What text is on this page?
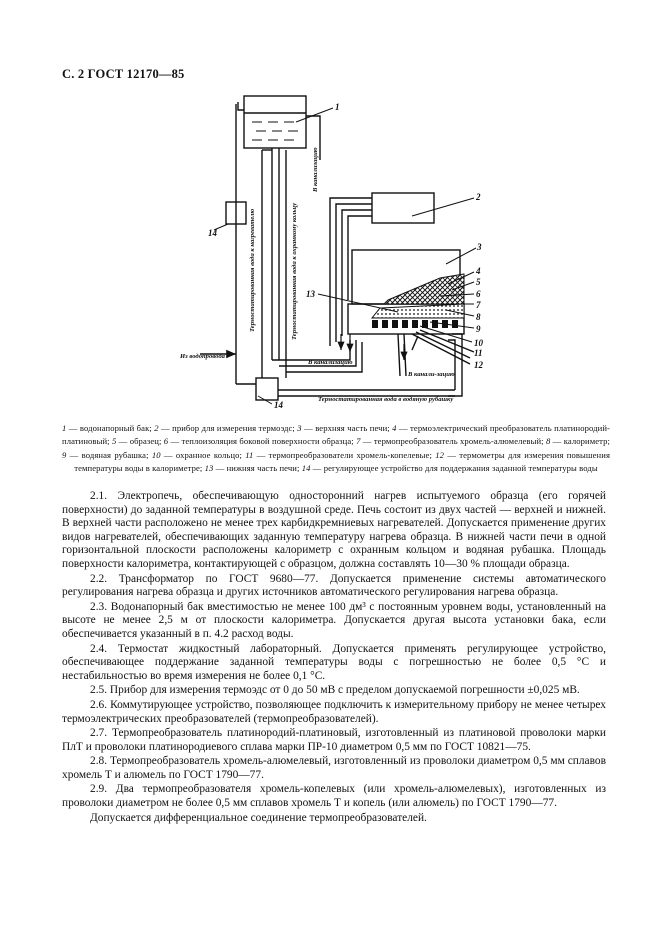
С. 2 ГОСТ 12170—85
1
2
3
4
5
6
7
8
9
10
11
12
13
14
14
В канализацию
Термостатированная вода к нагревателю	Термостатированная вода к охранному кольцу
Из водопровода
В канализацию
В канали-зацию
Термостатированная вода в водяную рубашку
1 — водонапорный бак; 2 — прибор для измерения термоэдс; 3 — верхняя часть печи; 4 — термоэлектрический преобразователь платинородий-платиновый; 5 — образец; 6 — теплоизоляция боковой поверхности образца; 7 — термопреобразователь хромель-алюмелевый; 8 — калориметр; 9 — водяная рубашка; 10 — охранное кольцо; 11 — термопреобразователи хромель-копелевые; 12 — термометры для измерения повышения температуры воды в калориметре; 13 — нижняя часть печи; 14 — регулирующее устройство для поддержания заданной температуры воды

2.1. Электропечь, обеспечивающую односторонний нагрев испытуемого образца (его горячей поверхности) до заданной температуры в воздушной среде. Печь состоит из двух частей — верхней и нижней. В верхней части расположено не менее трех карбидкремниевых нагревателей. Допускается применение других видов нагревателей, обеспечивающих заданную температуру нагрева образца. В нижней части печи в одной горизонтальной плоскости расположены калориметр с охранным кольцом и водяная рубашка. Площадь поверхности калориметра, контактирующей с образцом, должна составлять 10—30 % площади образца.

2.2. Трансформатор по ГОСТ 9680—77. Допускается применение системы автоматического регулирования нагрева образца и других источников автоматического регулирования нагрева образца.

2.3. Водонапорный бак вместимостью не менее 100 дм³ с постоянным уровнем воды, установленный на высоте не менее 2,5 м от плоскости калориметра. Допускается другая высота установки бака, если обеспечивается указанный в п. 4.2 расход воды.

2.4. Термостат жидкостный лабораторный. Допускается применять регулирующее устройство, обеспечивающее поддержание заданной температуры воды с погрешностью не более 0,5 °С и нестабильностью во время измерения не более 0,1 °С.

2.5. Прибор для измерения термоэдс от 0 до 50 мВ с пределом допускаемой погрешности ±0,025 мВ.

2.6. Коммутирующее устройство, позволяющее подключить к измерительному прибору не менее четырех термоэлектрических преобразователей (термопреобразователей).

2.7. Термопреобразователь платинородий-платиновый, изготовленный из платиновой проволоки марки ПлТ и проволоки платинородиевого сплава марки ПР-10 диаметром 0,5 мм по ГОСТ 10821—75.

2.8. Термопреобразователь хромель-алюмелевый, изготовленный из проволоки диаметром 0,5 мм сплавов хромель Т и алюмель по ГОСТ 1790—77.

2.9. Два термопреобразователя хромель-копелевых (или хромель-алюмелевых), изготовленных из проволоки диаметром не более 0,5 мм сплавов хромель Т и копель (или алюмель) по ГОСТ 1790—77.

Допускается дифференциальное соединение термопреобразователей.
